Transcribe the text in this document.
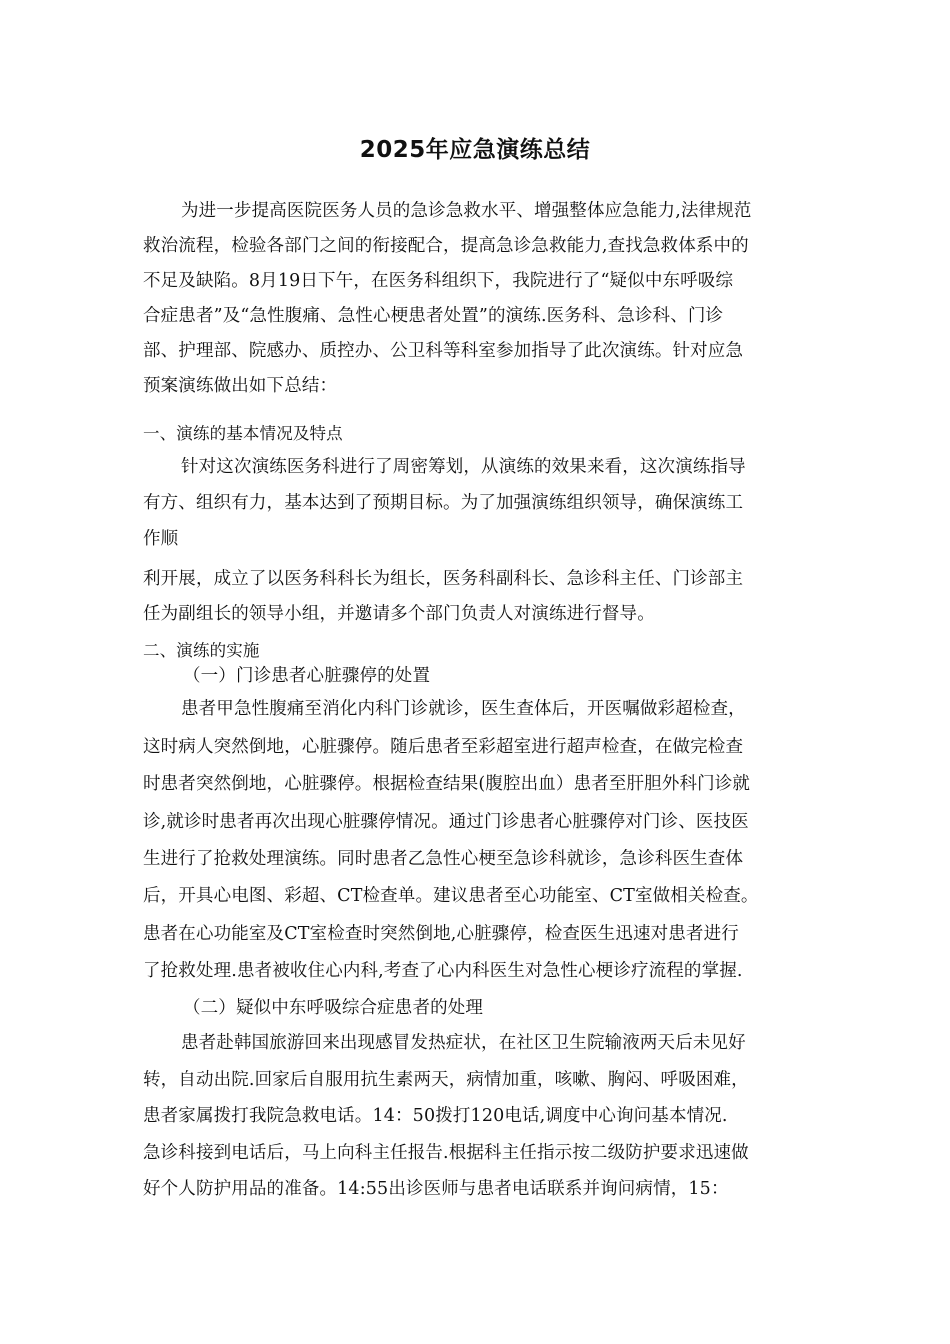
2025年应急演练总结
为进一步提高医院医务人员的急诊急救水平、增强整体应急能力,法律规范
救治流程，检验各部门之间的衔接配合，提高急诊急救能力,查找急救体系中的
不足及缺陷。8月19日下午，在医务科组织下，我院进行了“疑似中东呼吸综
合症患者”及“急性腹痛、急性心梗患者处置”的演练.医务科、急诊科、门诊
部、护理部、院感办、质控办、公卫科等科室参加指导了此次演练。针对应急
预案演练做出如下总结：
一、演练的基本情况及特点
针对这次演练医务科进行了周密筹划，从演练的效果来看，这次演练指导
有方、组织有力，基本达到了预期目标。为了加强演练组织领导，确保演练工
作顺
利开展，成立了以医务科科长为组长，医务科副科长、急诊科主任、门诊部主
任为副组长的领导小组，并邀请多个部门负责人对演练进行督导。
二、演练的实施
（一）门诊患者心脏骤停的处置
患者甲急性腹痛至消化内科门诊就诊，医生查体后，开医嘱做彩超检查，
这时病人突然倒地，心脏骤停。随后患者至彩超室进行超声检查，在做完检查
时患者突然倒地，心脏骤停。根据检查结果(腹腔出血）患者至肝胆外科门诊就
诊,就诊时患者再次出现心脏骤停情况。通过门诊患者心脏骤停对门诊、医技医
生进行了抢救处理演练。同时患者乙急性心梗至急诊科就诊，急诊科医生查体
后，开具心电图、彩超、CT检查单。建议患者至心功能室、CT室做相关检查。
患者在心功能室及CT室检查时突然倒地,心脏骤停，检查医生迅速对患者进行
了抢救处理.患者被收住心内科,考查了心内科医生对急性心梗诊疗流程的掌握.
（二）疑似中东呼吸综合症患者的处理
患者赴韩国旅游回来出现感冒发热症状，在社区卫生院输液两天后未见好
转，自动出院.回家后自服用抗生素两天，病情加重，咳嗽、胸闷、呼吸困难，
患者家属拨打我院急救电话。14：50拨打120电话,调度中心询问基本情况.
急诊科接到电话后，马上向科主任报告.根据科主任指示按二级防护要求迅速做
好个人防护用品的准备。14:55出诊医师与患者电话联系并询问病情，15：
